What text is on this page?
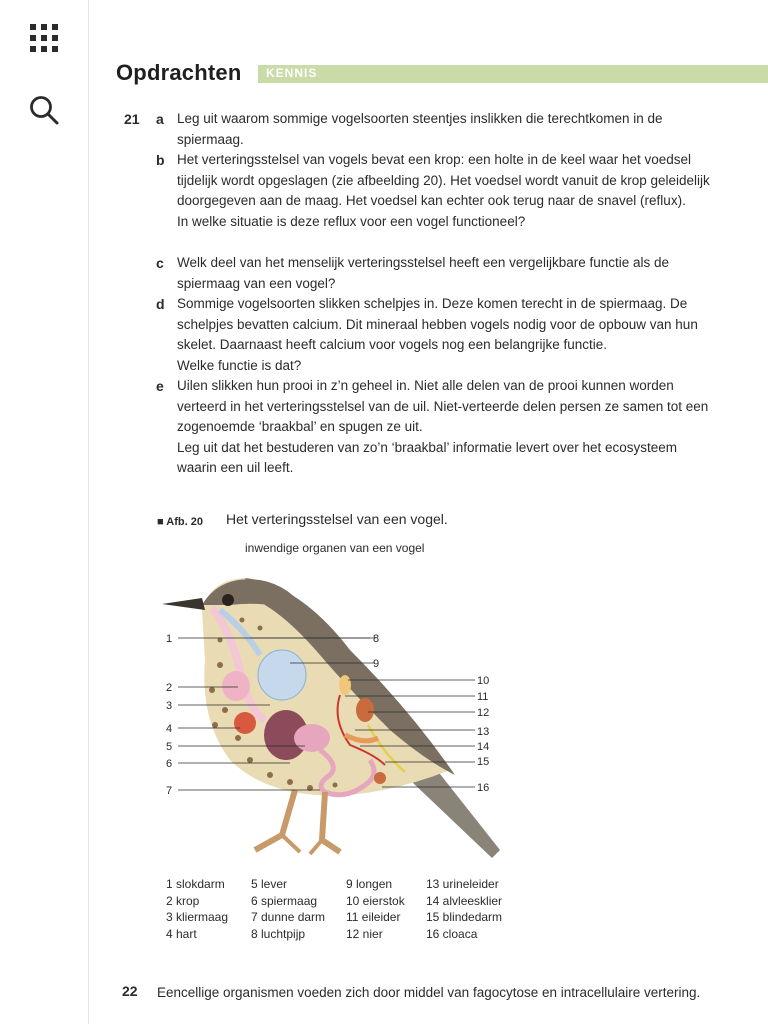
Opdrachten KENNIS
21 a Leg uit waarom sommige vogelsoorten steentjes inslikken die terechtkomen in de spiermaag.
b Het verteringsstelsel van vogels bevat een krop: een holte in de keel waar het voedsel tijdelijk wordt opgeslagen (zie afbeelding 20). Het voedsel wordt vanuit de krop geleidelijk doorgegeven aan de maag. Het voedsel kan echter ook terug naar de snavel (reflux).
In welke situatie is deze reflux voor een vogel functioneel?
c Welk deel van het menselijk verteringsstelsel heeft een vergelijkbare functie als de spiermaag van een vogel?
d Sommige vogelsoorten slikken schelpjes in. Deze komen terecht in de spiermaag. De schelpjes bevatten calcium. Dit mineraal hebben vogels nodig voor de opbouw van hun skelet. Daarnaast heeft calcium voor vogels nog een belangrijke functie.
Welke functie is dat?
e Uilen slikken hun prooi in z’n geheel in. Niet alle delen van de prooi kunnen worden verteerd in het verteringsstelsel van de uil. Niet-verteerde delen persen ze samen tot een zogenoemde ‘braakbal’ en spugen ze uit.
Leg uit dat het bestuderen van zo’n ‘braakbal’ informatie levert over het ecosysteem waarin een uil leeft.
■ Afb. 20 Het verteringsstelsel van een vogel.
inwendige organen van een vogel
1
2
3
4
5
6
7
8
9
10
11
12
13
14
15
16
1 slokdarm
2 krop
3 kliermaag
4 hart
5 lever
6 spiermaag
7 dunne darm
8 luchtpijp
9 longen
10 eierstok
11 eileider
12 nier
13 urineleider
14 alvleesklier
15 blindedarm
16 cloaca
22 Eencellige organismen voeden zich door middel van fagocytose en intracellulaire vertering.
